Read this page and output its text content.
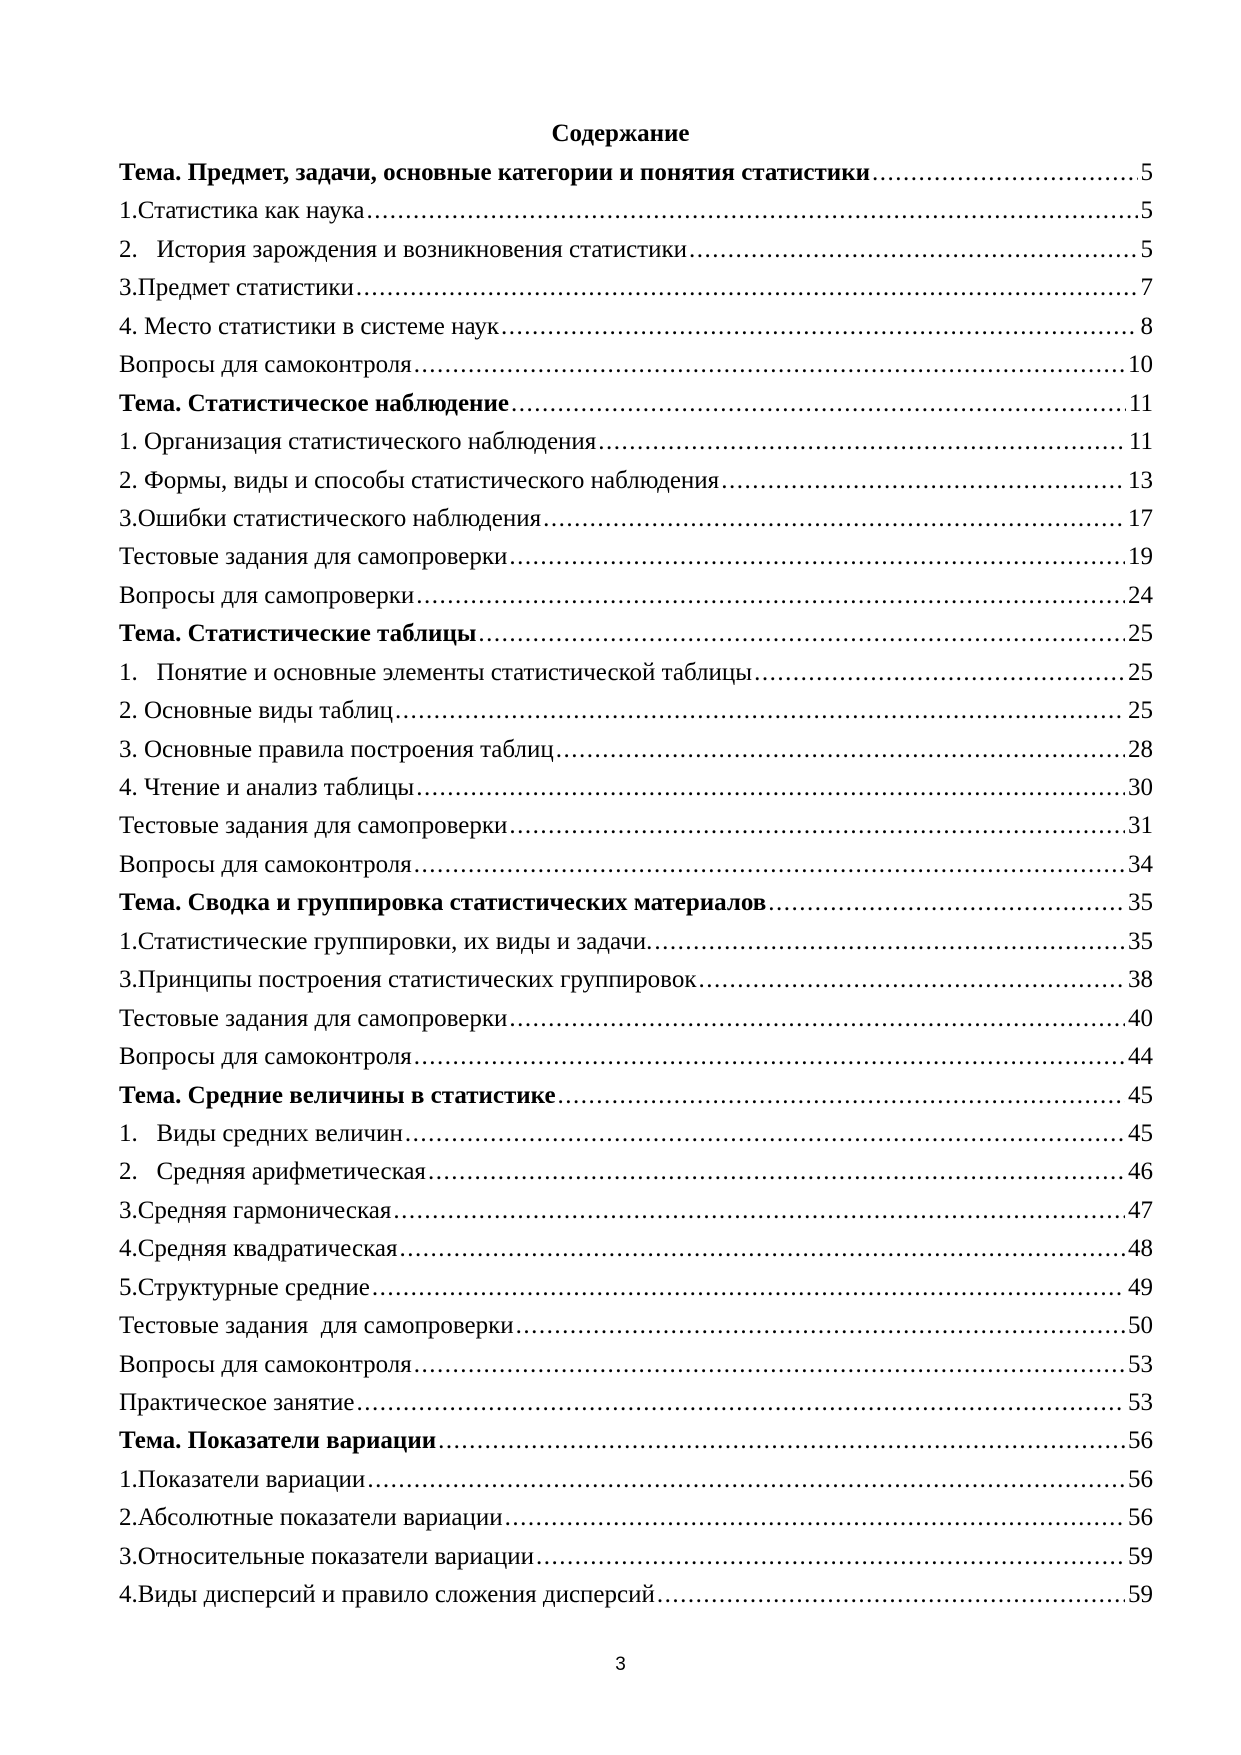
Содержание
Тема. Предмет, задачи, основные категории и понятия статистики .....	5
1.Статистика как наука .....	5
2.   История зарождения и возникновения статистики .....	5
3.Предмет статистики .....	7
4. Место статистики в системе наук .....	8
Вопросы для самоконтроля .....	10
Тема. Статистическое наблюдение .....	11
1. Организация статистического наблюдения .....	11
2. Формы, виды и способы статистического наблюдения .....	13
3.Ошибки статистического наблюдения .....	17
Тестовые задания для самопроверки .....	19
Вопросы для самопроверки .....	24
Тема. Статистические таблицы .....	25
1.   Понятие и основные элементы статистической таблицы .....	25
2. Основные виды таблиц .....	25
3. Основные правила построения таблиц .....	28
4. Чтение и анализ таблицы .....	30
Тестовые задания для самопроверки .....	31
Вопросы для самоконтроля .....	34
Тема. Сводка и группировка статистических материалов .....	35
1.Статистические группировки, их виды и задачи. .....	35
3.Принципы построения статистических группировок .....	38
Тестовые задания для самопроверки .....	40
Вопросы для самоконтроля .....	44
Тема. Средние величины в статистике .....	45
1.   Виды средних величин .....	45
2.   Средняя арифметическая .....	46
3.Средняя гармоническая .....	47
4.Средняя квадратическая .....	48
5.Структурные средние .....	49
Тестовые задания  для самопроверки .....	50
Вопросы для самоконтроля .....	53
Практическое занятие .....	53
Тема. Показатели вариации .....	56
1.Показатели вариации .....	56
2.Абсолютные показатели вариации .....	56
3.Относительные показатели вариации .....	59
4.Виды дисперсий и правило сложения дисперсий .....	59
3
